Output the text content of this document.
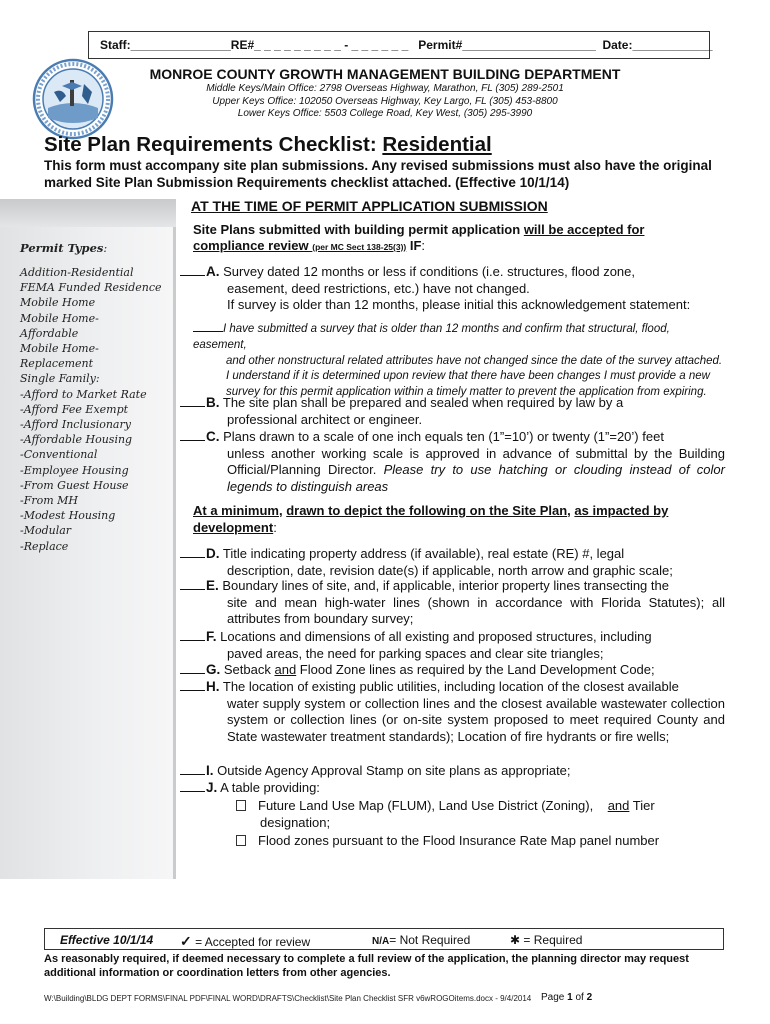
Staff:_______________RE#_ _ _ _ _ _ _ _ _ - _ _ _ _ _ _   Permit#____________________ Date:____________
MONROE COUNTY GROWTH MANAGEMENT BUILDING DEPARTMENT
Middle Keys/Main Office: 2798 Overseas Highway, Marathon, FL (305) 289-2501
Upper Keys Office: 102050 Overseas Highway, Key Largo, FL (305) 453-8800
Lower Keys Office: 5503 College Road, Key West, (305) 295-3990
Site Plan Requirements Checklist: Residential
This form must accompany site plan submissions. Any revised submissions must also have the original marked Site Plan Submission Requirements checklist attached. (Effective 10/1/14)
Permit Types:
Addition-Residential
FEMA Funded Residence
Mobile Home
Mobile Home-
Affordable
Mobile Home-
Replacement
Single Family:
-Afford to Market Rate
-Afford Fee Exempt
-Afford Inclusionary
-Affordable Housing
-Conventional
-Employee Housing
-From Guest House
-From MH
-Modest Housing
-Modular
-Replace
AT THE TIME OF PERMIT APPLICATION SUBMISSION
Site Plans submitted with building permit application will be accepted for
compliance review (per MC Sect 138-25(3)) IF:
A. Survey dated 12 months or less if conditions (i.e. structures, flood zone,
easement, deed restrictions, etc.) have not changed.
If survey is older than 12 months, please initial this acknowledgement statement:
I have submitted a survey that is older than 12 months and confirm that structural, flood, easement,
and other nonstructural related attributes have not changed since the date of the survey attached.
I understand if it is determined upon review that there have been changes I must provide a new
survey for this permit application within a timely matter to prevent the application from expiring.
B. The site plan shall be prepared and sealed when required by law by a
professional architect or engineer.
C. Plans drawn to a scale of one inch equals ten (1”=10’) or twenty (1”=20’) feet
unless another working scale is approved in advance of submittal by the Building Official/Planning Director. Please try to use hatching or clouding instead of color legends to distinguish areas
At a minimum, drawn to depict the following on the Site Plan, as impacted by development:
D. Title indicating property address (if available), real estate (RE) #, legal
description, date, revision date(s) if applicable, north arrow and graphic scale;
E. Boundary lines of site, and, if applicable, interior property lines transecting the
site and mean high-water lines (shown in accordance with Florida Statutes); all attributes from boundary survey;
F. Locations and dimensions of all existing and proposed structures, including
paved areas, the need for parking spaces and clear site triangles;
G. Setback and Flood Zone lines as required by the Land Development Code;
H. The location of existing public utilities, including location of the closest available
water supply system or collection lines and the closest available wastewater collection system or collection lines (or on-site system proposed to meet required County and State wastewater treatment standards); Location of fire hydrants or fire wells;
I. Outside Agency Approval Stamp on site plans as appropriate;
J. A table providing:
Future Land Use Map (FLUM), Land Use District (Zoning), and Tier
designation;
Flood zones pursuant to the Flood Insurance Rate Map panel number
Effective 10/1/14 ✓ = Accepted for review	N/A= Not Required	✱ = Required
As reasonably required, if deemed necessary to complete a full review of the application, the planning director may request additional information or coordination letters from other agencies.
W:\Building\BLDG DEPT FORMS\FINAL PDF\FINAL WORD\DRAFTS\Checklist\Site Plan Checklist SFR v6wROGOitems.docx - 9/4/2014 Page 1 of 2
